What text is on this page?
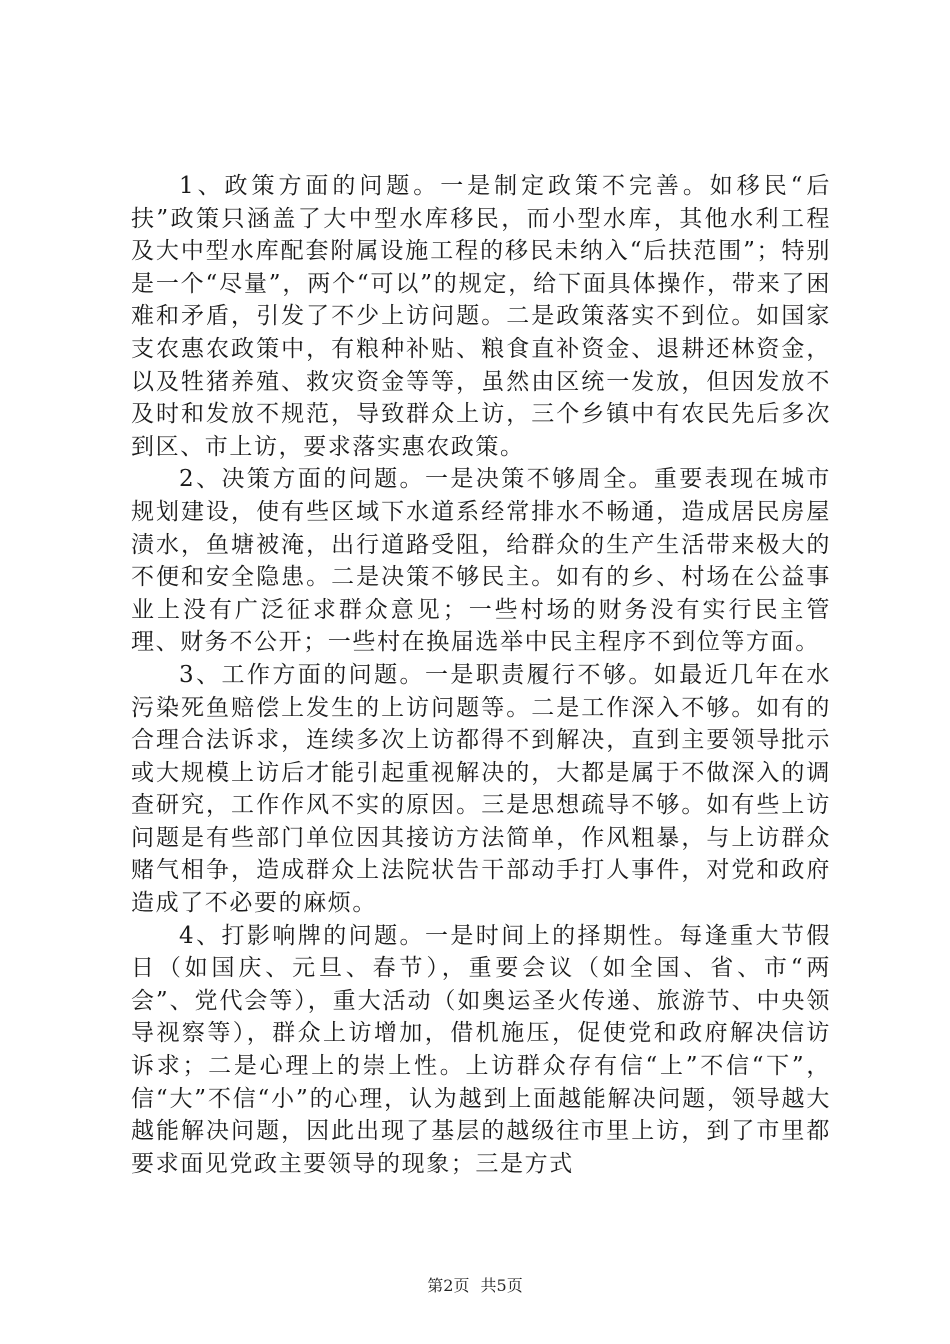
1、政策方面的问题。一是制定政策不完善。如移民“后扶”政策只涵盖了大中型水库移民，而小型水库，其他水利工程及大中型水库配套附属设施工程的移民未纳入“后扶范围”；特别是一个“尽量”，两个“可以”的规定，给下面具体操作，带来了困难和矛盾，引发了不少上访问题。二是政策落实不到位。如国家支农惠农政策中，有粮种补贴、粮食直补资金、退耕还林资金，以及牲猪养殖、救灾资金等等，虽然由区统一发放，但因发放不及时和发放不规范，导致群众上访，三个乡镇中有农民先后多次到区、市上访，要求落实惠农政策。

2、决策方面的问题。一是决策不够周全。重要表现在城市规划建设，使有些区域下水道系经常排水不畅通，造成居民房屋渍水，鱼塘被淹，出行道路受阻，给群众的生产生活带来极大的不便和安全隐患。二是决策不够民主。如有的乡、村场在公益事业上没有广泛征求群众意见；一些村场的财务没有实行民主管理、财务不公开；一些村在换届选举中民主程序不到位等方面。

3、工作方面的问题。一是职责履行不够。如最近几年在水污染死鱼赔偿上发生的上访问题等。二是工作深入不够。如有的合理合法诉求，连续多次上访都得不到解决，直到主要领导批示或大规模上访后才能引起重视解决的，大都是属于不做深入的调查研究，工作作风不实的原因。三是思想疏导不够。如有些上访问题是有些部门单位因其接访方法简单，作风粗暴，与上访群众赌气相争，造成群众上法院状告干部动手打人事件，对党和政府造成了不必要的麻烦。

4、打影响牌的问题。一是时间上的择期性。每逢重大节假日（如国庆、元旦、春节），重要会议（如全国、省、市“两会”、党代会等），重大活动（如奥运圣火传递、旅游节、中央领导视察等），群众上访增加，借机施压，促使党和政府解决信访诉求；二是心理上的崇上性。上访群众存有信“上”不信“下”，信“大”不信“小”的心理，认为越到上面越能解决问题，领导越大越能解决问题，因此出现了基层的越级往市里上访，到了市里都要求面见党政主要领导的现象；三是方式

第2页 共5页
